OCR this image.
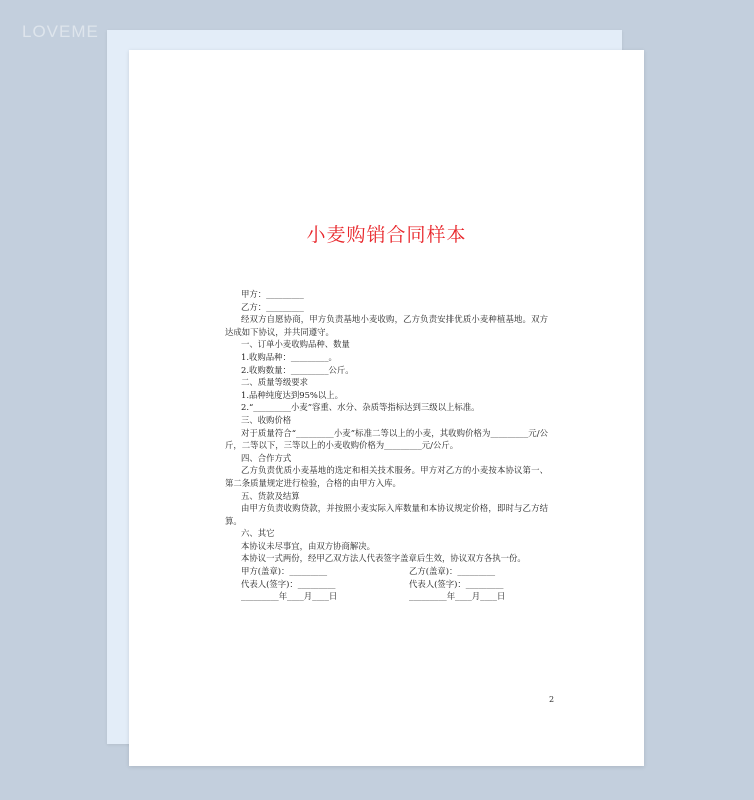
LOVEME
小麦购销合同样本
甲方：_________
乙方：_________
经双方自愿协商，甲方负责基地小麦收购，乙方负责安排优质小麦种植基地。双方达成如下协议，并共同遵守。
一、订单小麦收购品种、数量
1.收购品种：_________。
2.收购数量：_________公斤。
二、质量等级要求
1.品种纯度达到95%以上。
2.“_________小麦”容重、水分、杂质等指标达到三级以上标准。
三、收购价格
对于质量符合“_________小麦”标准二等以上的小麦，其收购价格为_________元/公斤，二等以下，三等以上的小麦收购价格为_________元/公斤。
四、合作方式
乙方负责优质小麦基地的选定和相关技术服务。甲方对乙方的小麦按本协议第一、第二条质量规定进行检验，合格的由甲方入库。
五、货款及结算
由甲方负责收购贷款，并按照小麦实际入库数量和本协议规定价格，即时与乙方结算。
六、其它
本协议未尽事宜，由双方协商解决。
本协议一式两份，经甲乙双方法人代表签字盖章后生效，协议双方各执一份。
甲方(盖章)：_________	乙方(盖章)：_________
代表人(签字)：_________	代表人(签字)：_________
_________年____月____日	_________年____月____日
2
